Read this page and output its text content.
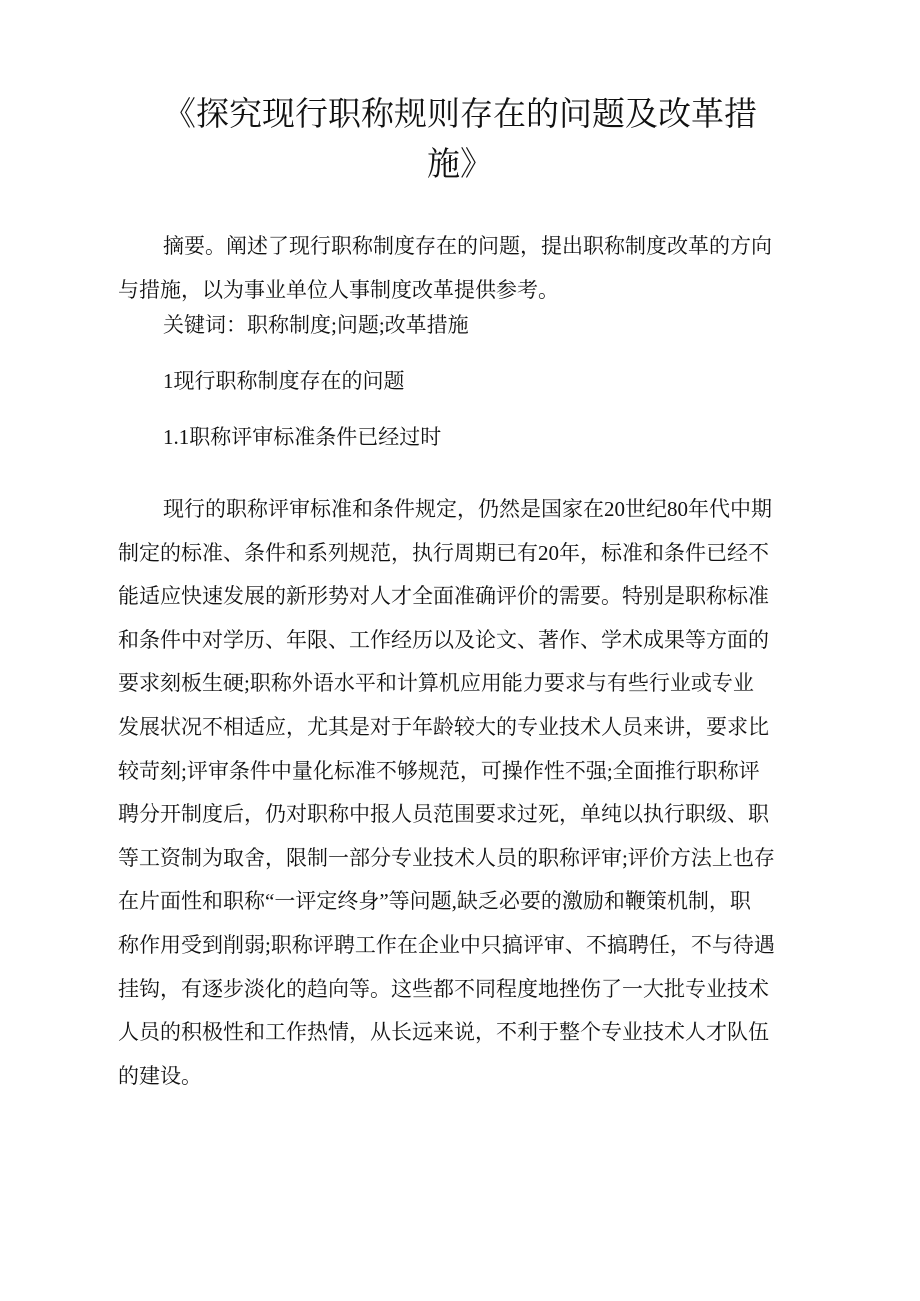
《探究现行职称规则存在的问题及改革措
施》
摘要。阐述了现行职称制度存在的问题，提出职称制度改革的方向
与措施，以为事业单位人事制度改革提供参考。
关键词：职称制度;问题;改革措施
1现行职称制度存在的问题
1.1职称评审标准条件已经过时
现行的职称评审标准和条件规定，仍然是国家在20世纪80年代中期
制定的标准、条件和系列规范，执行周期已有20年，标准和条件已经不
能适应快速发展的新形势对人才全面准确评价的需要。特别是职称标准
和条件中对学历、年限、工作经历以及论文、著作、学术成果等方面的
要求刻板生硬;职称外语水平和计算机应用能力要求与有些行业或专业
发展状况不相适应，尤其是对于年龄较大的专业技术人员来讲，要求比
较苛刻;评审条件中量化标准不够规范，可操作性不强;全面推行职称评
聘分开制度后，仍对职称中报人员范围要求过死，单纯以执行职级、职
等工资制为取舍，限制一部分专业技术人员的职称评审;评价方法上也存
在片面性和职称“一评定终身”等问题,缺乏必要的激励和鞭策机制，职
称作用受到削弱;职称评聘工作在企业中只搞评审、不搞聘任，不与待遇
挂钩，有逐步淡化的趋向等。这些都不同程度地挫伤了一大批专业技术
人员的积极性和工作热情，从长远来说，不利于整个专业技术人才队伍
的建设。
